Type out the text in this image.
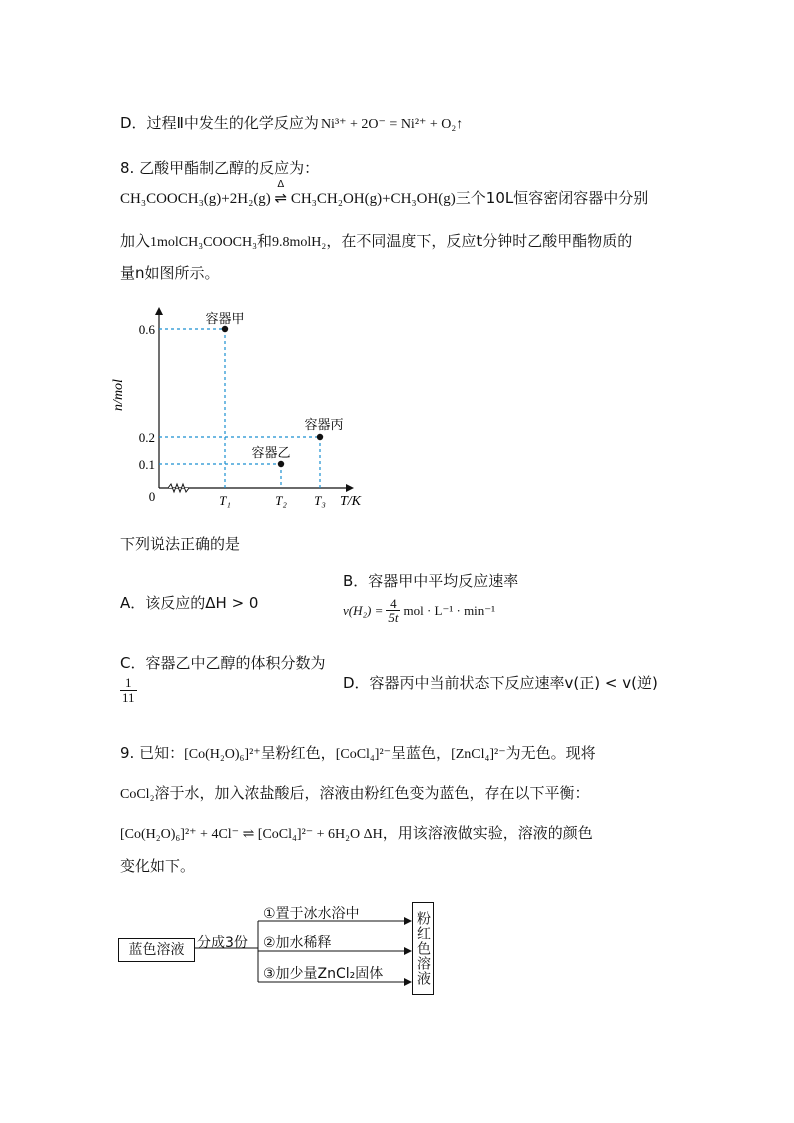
D．过程Ⅱ中发生的化学反应为 Ni³⁺ + 2O⁻ = Ni²⁺ + O₂↑
8. 乙酸甲酯制乙醇的反应为：
CH₃COOCH₃(g)+2H₂(g)
Δ
⇌ CH₃CH₂OH(g)+CH₃OH(g)三个10L恒容密闭容器中分别
加入1molCH₃COOCH₃和9.8molH₂，在不同温度下，反应t分钟时乙酸甲酯物质的
量n如图所示。
n/mol
T/K
0
0.1
0.2
0.6
T₁	T₂ T₃
容器甲
容器乙
容器丙
下列说法正确的是
A．该反应的ΔH > 0
B．容器甲中平均反应速率
$v(H_2) = \frac{4}{5t}$ mol · L⁻¹ · min⁻¹
C．容器乙中乙醇的体积分数为
$\frac{1}{11}$	D．容器丙中当前状态下反应速率v(正) < v(逆)
9. 已知：[Co(H₂O)₆]²⁺呈粉红色，[CoCl₄]²⁻呈蓝色，[ZnCl₄]²⁻为无色。现将
CoCl₂溶于水，加入浓盐酸后，溶液由粉红色变为蓝色，存在以下平衡：
[Co(H₂O)₆]²⁺ + 4Cl⁻ ⇌ [CoCl₄]²⁻ + 6H₂O ΔH，用该溶液做实验，溶液的颜色
变化如下。
蓝色溶液 分成3份
①置于冰水浴中
②加水稀释
③加少量ZnCl₂固体 粉红色溶液
